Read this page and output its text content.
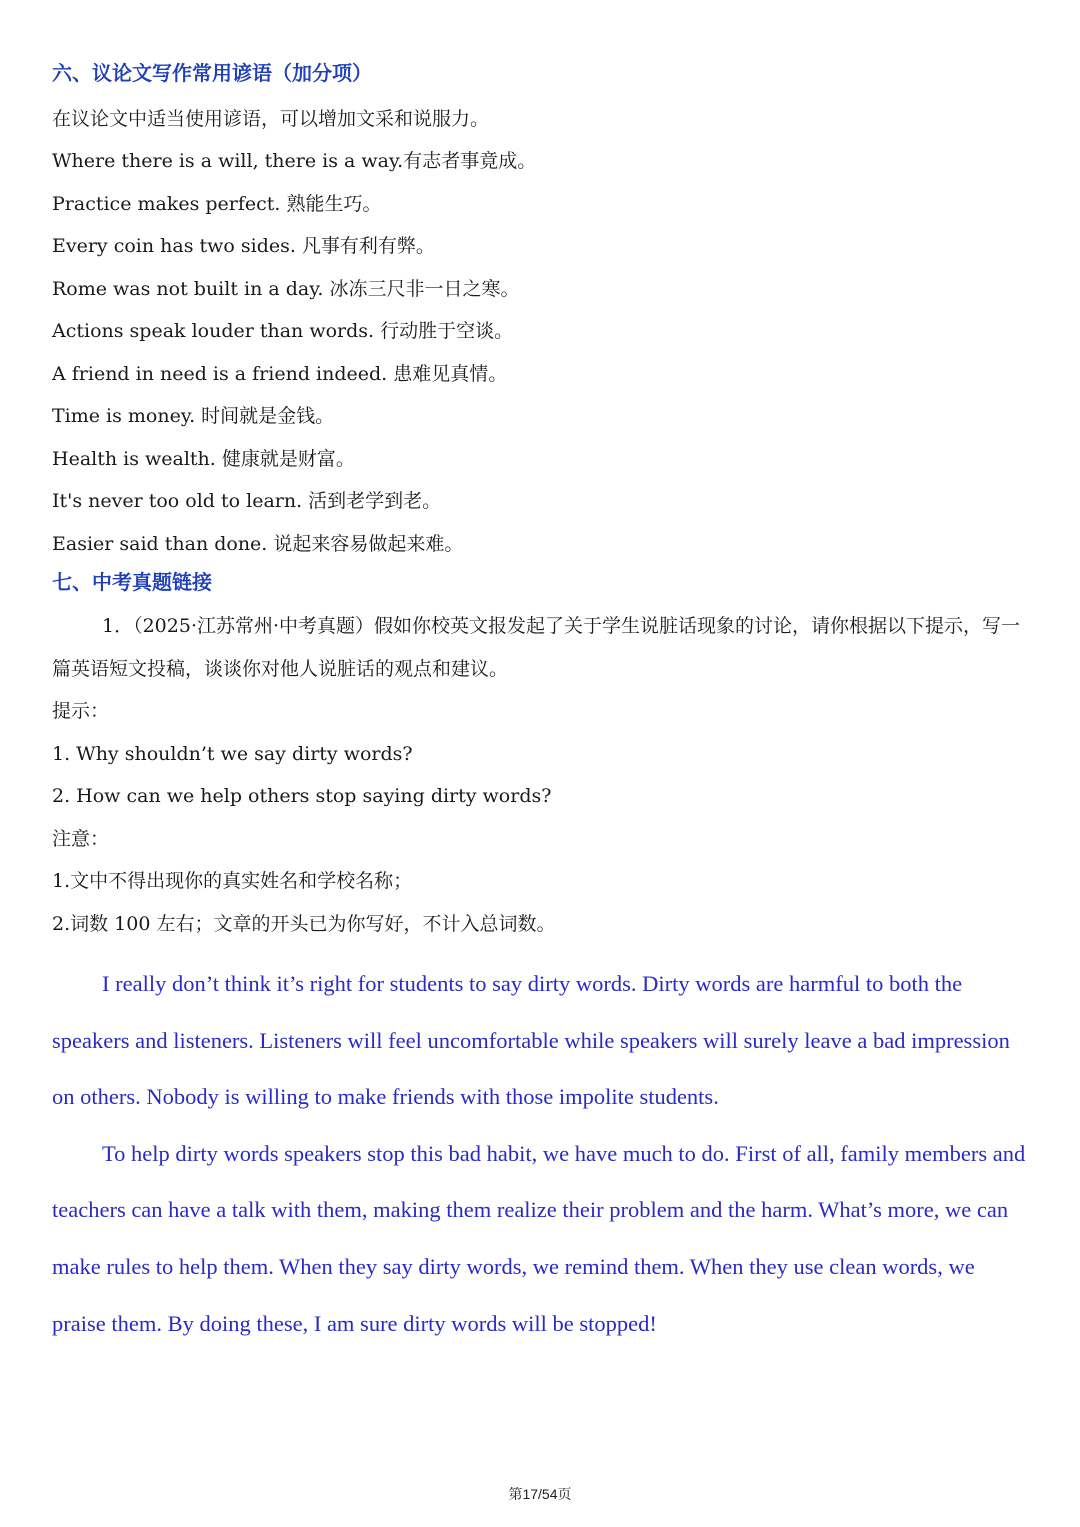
六、议论文写作常用谚语（加分项）

在议论文中适当使用谚语，可以增加文采和说服力。

Where there is a will, there is a way.有志者事竟成。

Practice makes perfect. 熟能生巧。

Every coin has two sides. 凡事有利有弊。

Rome was not built in a day. 冰冻三尺非一日之寒。

Actions speak louder than words. 行动胜于空谈。

A friend in need is a friend indeed. 患难见真情。

Time is money. 时间就是金钱。

Health is wealth. 健康就是财富。

It's never too old to learn. 活到老学到老。

Easier said than done. 说起来容易做起来难。

七、中考真题链接

1．（2025·江苏常州·中考真题）假如你校英文报发起了关于学生说脏话现象的讨论，请你根据以下提示，写一篇英语短文投稿，谈谈你对他人说脏话的观点和建议。

提示：

1. Why shouldn’t we say dirty words?

2. How can we help others stop saying dirty words?

注意：

1.文中不得出现你的真实姓名和学校名称；

2.词数 100 左右；文章的开头已为你写好，不计入总词数。

I really don’t think it’s right for students to say dirty words. Dirty words are harmful to both the speakers and listeners. Listeners will feel uncomfortable while speakers will surely leave a bad impression on others. Nobody is willing to make friends with those impolite students.

To help dirty words speakers stop this bad habit, we have much to do. First of all, family members and teachers can have a talk with them, making them realize their problem and the harm. What’s more, we can make rules to help them. When they say dirty words, we remind them. When they use clean words, we praise them. By doing these, I am sure dirty words will be stopped!

第17/54页
